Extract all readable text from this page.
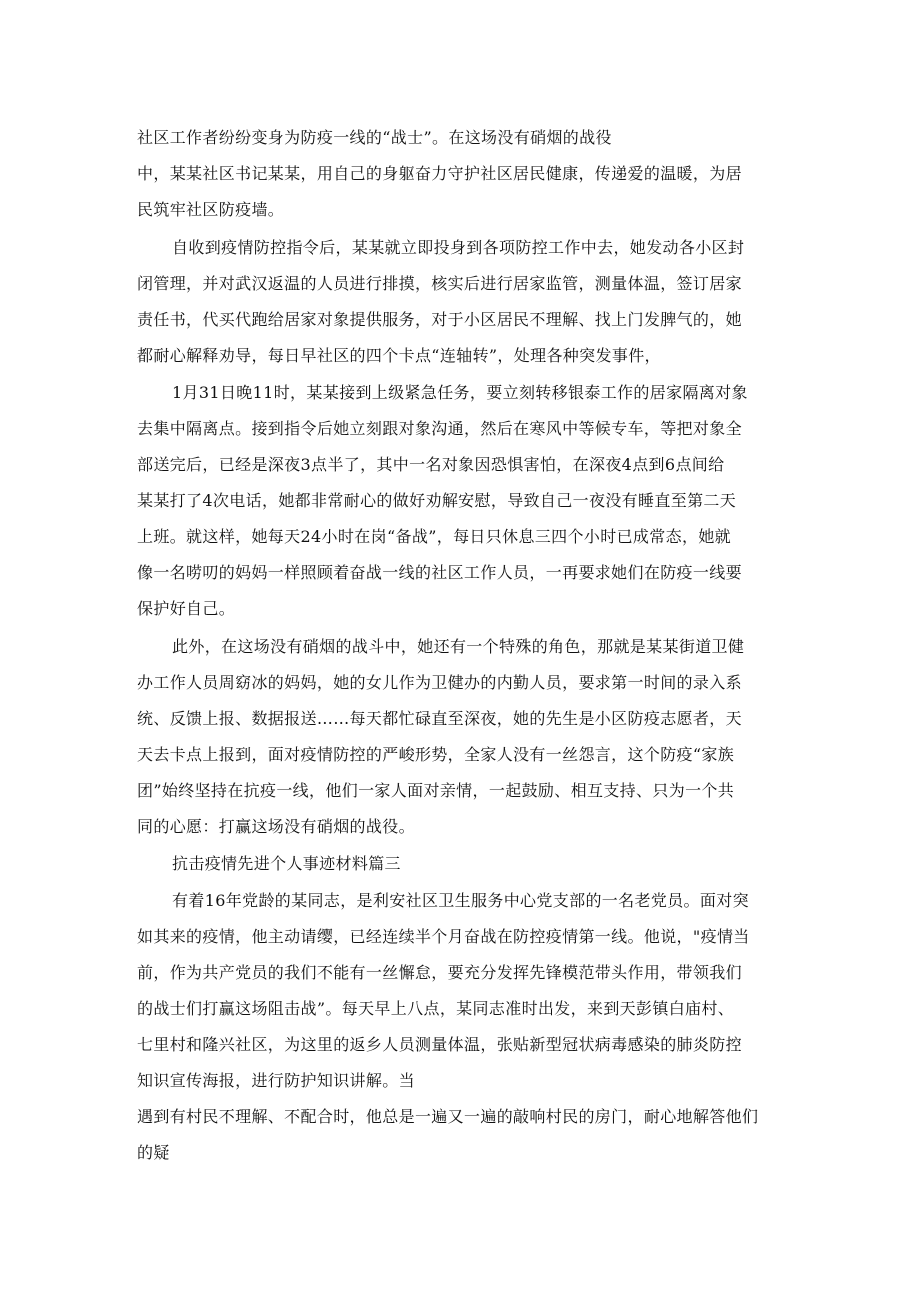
社区工作者纷纷变身为防疫一线的“战士”。在这场没有硝烟的战役
中，某某社区书记某某，用自己的身躯奋力守护社区居民健康，传递爱的温暖，为居
民筑牢社区防疫墙。
自收到疫情防控指令后，某某就立即投身到各项防控工作中去，她发动各小区封
闭管理，并对武汉返温的人员进行排摸，核实后进行居家监管，测量体温，签订居家
责任书，代买代跑给居家对象提供服务，对于小区居民不理解、找上门发脾气的，她
都耐心解释劝导，每日早社区的四个卡点“连轴转”，处理各种突发事件，
1月31日晚11时，某某接到上级紧急任务，要立刻转移银泰工作的居家隔离对象
去集中隔离点。接到指令后她立刻跟对象沟通，然后在寒风中等候专车，等把对象全
部送完后，已经是深夜3点半了，其中一名对象因恐惧害怕，在深夜4点到6点间给
某某打了4次电话，她都非常耐心的做好劝解安慰，导致自己一夜没有睡直至第二天
上班。就这样，她每天24小时在岗“备战”，每日只休息三四个小时已成常态，她就
像一名唠叨的妈妈一样照顾着奋战一线的社区工作人员，一再要求她们在防疫一线要
保护好自己。
此外，在这场没有硝烟的战斗中，她还有一个特殊的角色，那就是某某街道卫健
办工作人员周窈冰的妈妈，她的女儿作为卫健办的内勤人员，要求第一时间的录入系
统、反馈上报、数据报送……每天都忙碌直至深夜，她的先生是小区防疫志愿者，天
天去卡点上报到，面对疫情防控的严峻形势，全家人没有一丝怨言，这个防疫“家族
团”始终坚持在抗疫一线，他们一家人面对亲情，一起鼓励、相互支持、只为一个共
同的心愿：打赢这场没有硝烟的战役。
抗击疫情先进个人事迹材料篇三
有着16年党龄的某同志，是利安社区卫生服务中心党支部的一名老党员。面对突
如其来的疫情，他主动请缨，已经连续半个月奋战在防控疫情第一线。他说，"疫情当
前，作为共产党员的我们不能有一丝懈怠，要充分发挥先锋模范带头作用，带领我们
的战士们打赢这场阻击战”。每天早上八点，某同志准时出发，来到天彭镇白庙村、
七里村和隆兴社区，为这里的返乡人员测量体温，张贴新型冠状病毒感染的肺炎防控
知识宣传海报，进行防护知识讲解。当
遇到有村民不理解、不配合时，他总是一遍又一遍的敲响村民的房门，耐心地解答他们
的疑
